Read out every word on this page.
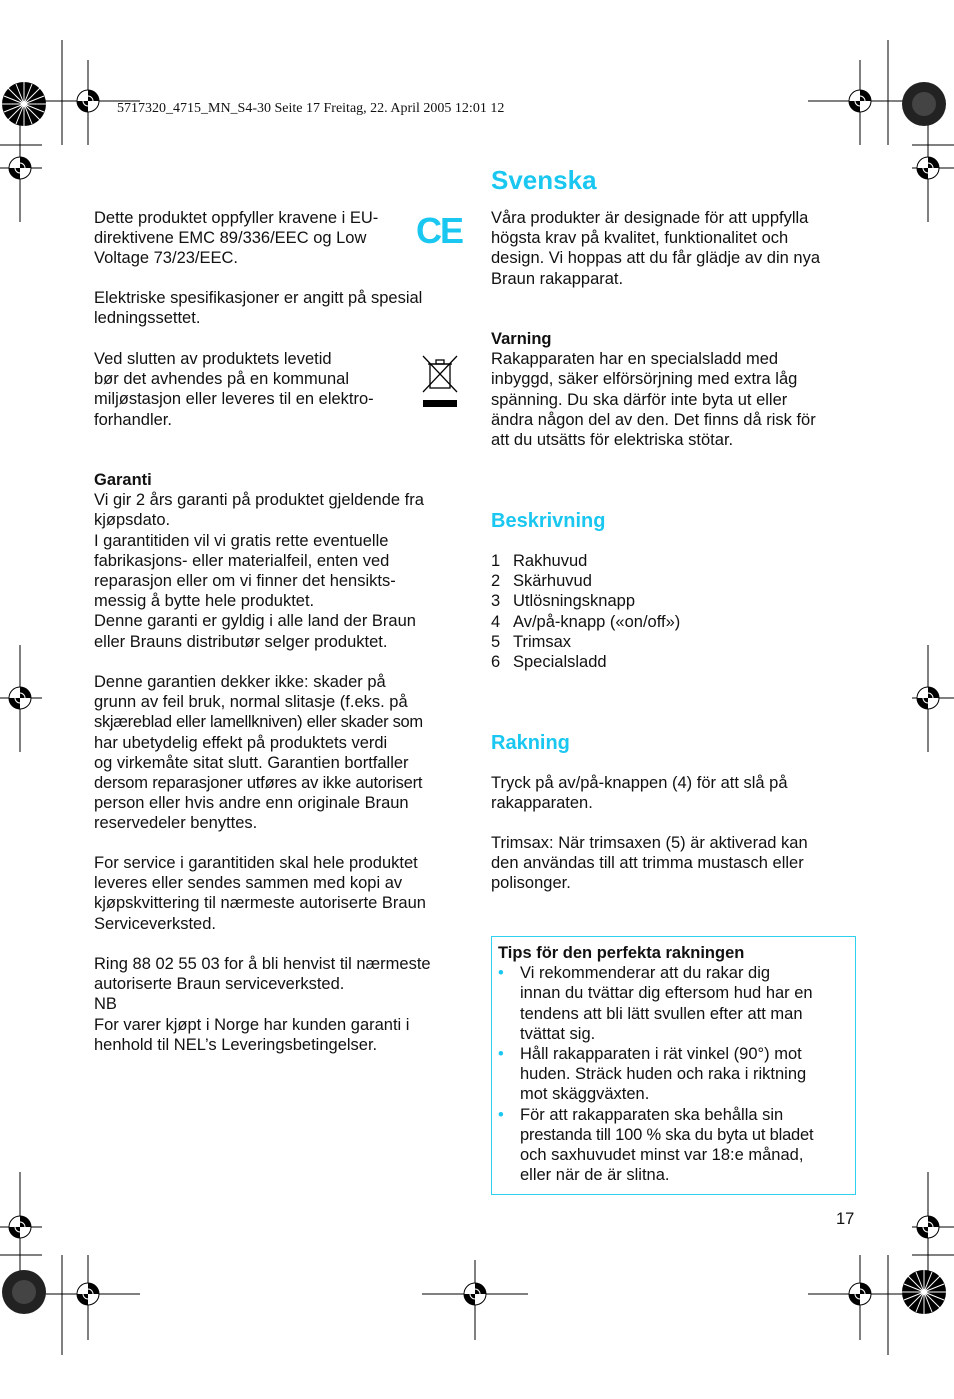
5717320_4715_MN_S4-30 Seite 17 Freitag, 22. April 2005 12:01 12
Dette produktet oppfyller kravene i EU-
direktivene EMC 89/336/EEC og Low
Voltage 73/23/EEC.
CE
Elektriske spesifikasjoner er angitt på spesial
ledningssettet.
Ved slutten av produktets levetid
bør det avhendes på en kommunal
miljøstasjon eller leveres til en elektro-
forhandler.
Garanti
Vi gir 2 års garanti på produktet gjeldende fra
kjøpsdato.
I garantitiden vil vi gratis rette eventuelle
fabrikasjons- eller materialfeil, enten ved
reparasjon eller om vi finner det hensikts-
messig å bytte hele produktet.
Denne garanti er gyldig i alle land der Braun
eller Brauns distributør selger produktet.
Denne garantien dekker ikke: skader på
grunn av feil bruk, normal slitasje (f.eks. på
skjæreblad eller lamellkniven) eller skader som
har ubetydelig effekt på produktets verdi
og virkemåte sitat slutt. Garantien bortfaller
dersom reparasjoner utføres av ikke autorisert
person eller hvis andre enn originale Braun
reservedeler benyttes.
For service i garantitiden skal hele produktet
leveres eller sendes sammen med kopi av
kjøpskvittering til nærmeste autoriserte Braun
Serviceverksted.
Ring 88 02 55 03 for å bli henvist til nærmeste
autoriserte Braun serviceverksted.
NB
For varer kjøpt i Norge har kunden garanti i
henhold til NEL’s Leveringsbetingelser.
Svenska
Våra produkter är designade för att uppfylla
högsta krav på kvalitet, funktionalitet och
design. Vi hoppas att du får glädje av din nya
Braun rakapparat.
Varning
Rakapparaten har en specialsladd med
inbyggd, säker elförsörjning med extra låg
spänning. Du ska därför inte byta ut eller
ändra någon del av den. Det finns då risk för
att du utsätts för elektriska stötar.
Beskrivning
1 Rakhuvud
2 Skärhuvud
3 Utlösningsknapp
4 Av/på-knapp («on/off»)
5 Trimsax
6 Specialsladd
Rakning
Tryck på av/på-knappen (4) för att slå på
rakapparaten.
Trimsax: När trimsaxen (5) är aktiverad kan
den användas till att trimma mustasch eller
polisonger.
Tips för den perfekta rakningen
• Vi rekommenderar att du rakar dig
innan du tvättar dig eftersom hud har en
tendens att bli lätt svullen efter att man
tvättat sig.
• Håll rakapparaten i rät vinkel (90°) mot
huden. Sträck huden och raka i riktning
mot skäggväxten.
• För att rakapparaten ska behålla sin
prestanda till 100 % ska du byta ut bladet
och saxhuvudet minst var 18:e månad,
eller när de är slitna.
17
